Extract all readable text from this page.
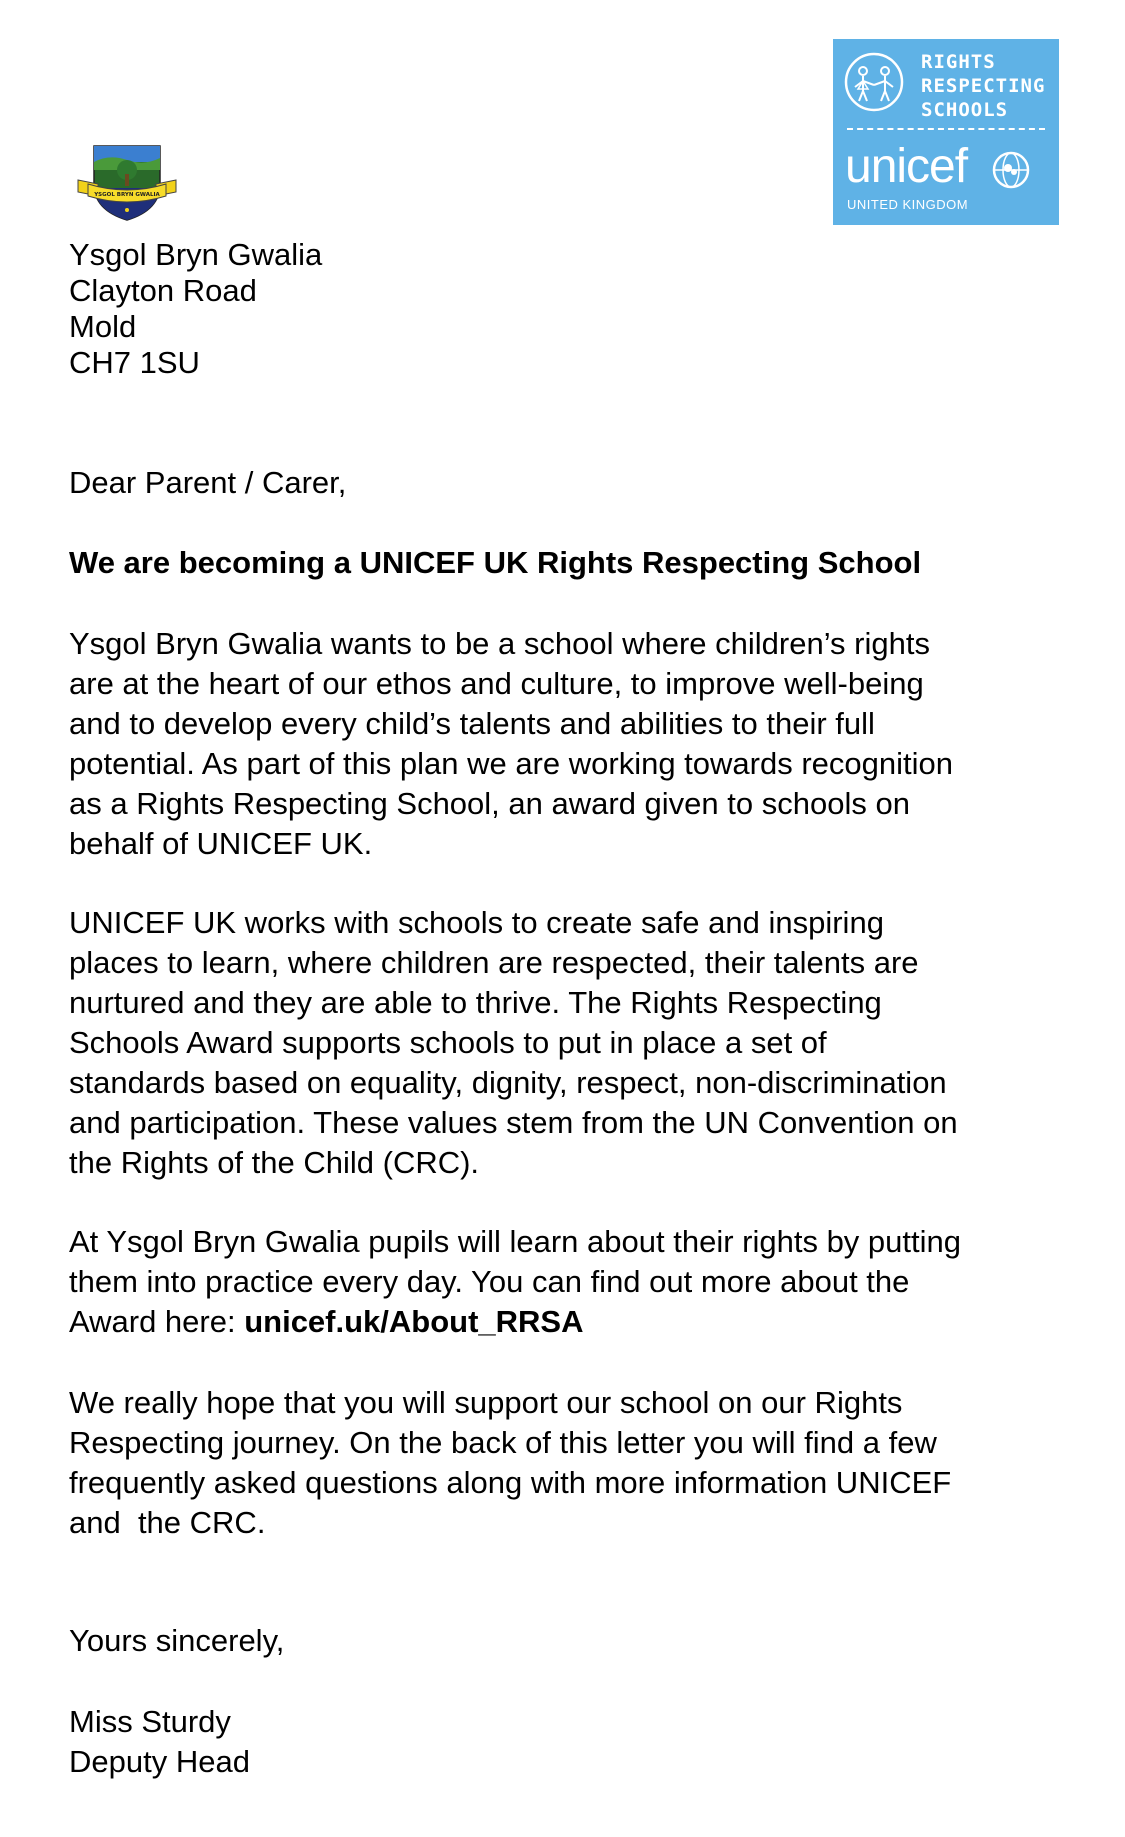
YSGOL BRYN GWALIA
RIGHTS
RESPECTING
SCHOOLS
unicef
UNITED KINGDOM
Ysgol Bryn Gwalia
Clayton Road
Mold
CH7 1SU
Dear Parent / Carer,
We are becoming a UNICEF UK Rights Respecting School
Ysgol Bryn Gwalia wants to be a school where children’s rights
are at the heart of our ethos and culture, to improve well-being
and to develop every child’s talents and abilities to their full
potential. As part of this plan we are working towards recognition
as a Rights Respecting School, an award given to schools on
behalf of UNICEF UK.
UNICEF UK works with schools to create safe and inspiring
places to learn, where children are respected, their talents are
nurtured and they are able to thrive. The Rights Respecting
Schools Award supports schools to put in place a set of
standards based on equality, dignity, respect, non-discrimination
and participation. These values stem from the UN Convention on
the Rights of the Child (CRC).
At Ysgol Bryn Gwalia pupils will learn about their rights by putting
them into practice every day. You can find out more about the
Award here: unicef.uk/About_RRSA
We really hope that you will support our school on our Rights
Respecting journey. On the back of this letter you will find a few
frequently asked questions along with more information UNICEF
and  the CRC.
Yours sincerely,
Miss Sturdy
Deputy Head
